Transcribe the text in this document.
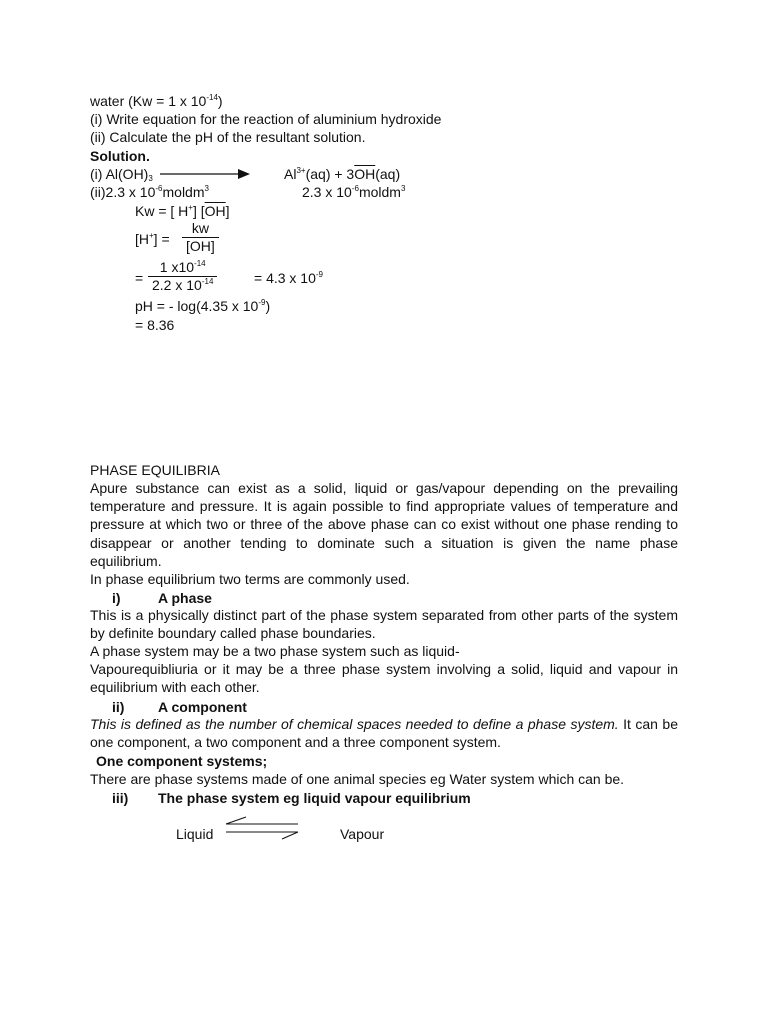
water (Kw = 1 x $10^{-14}$)
(i) Write equation for the reaction of aluminium hydroxide
(ii) Calculate the pH of the resultant solution.
Solution.
(i) $Al(OH)_3$	$Al^{3+}(aq) + 3\overline{OH}(aq)$
(ii)2.3 x $10^{-6}moldm^3$	2.3 x $10^{-6}moldm^3$
Kw = [ H+] $[\overline{OH}]$
$[H^+] = \frac{kw}{[\overline{OH}]}$
= $\frac{1 x10^{-14}}{2.2 x 10^{-14}}$	= 4.3 x $10^{-9}$
pH = - log(4.35 x $10^{-9}$)
= 8.36
PHASE EQUILIBRIA
Apure substance can exist as a solid, liquid or gas/vapour depending on the prevailing temperature and pressure. It is again possible to find appropriate values of temperature and pressure at which two or three of the above phase can co exist without one phase rending to disappear or another tending to dominate such a situation is given the name phase equilibrium.
In phase equilibrium two terms are commonly used.
i)	A phase
This is a physically distinct part of the phase system separated from other parts of the system by definite boundary called phase boundaries.
A phase system may be a two phase system such as liquid-
Vapourequibliuria or it may be a three phase system involving a solid, liquid and vapour in equilibrium with each other.
ii) A component
This is defined as the number of chemical spaces needed to define a phase system. It can be one component, a two component and a three component system.
One component systems;
There are phase systems made of one animal species eg Water system which can be.
iii) The phase system eg liquid vapour equilibrium
Liquid	Vapour
